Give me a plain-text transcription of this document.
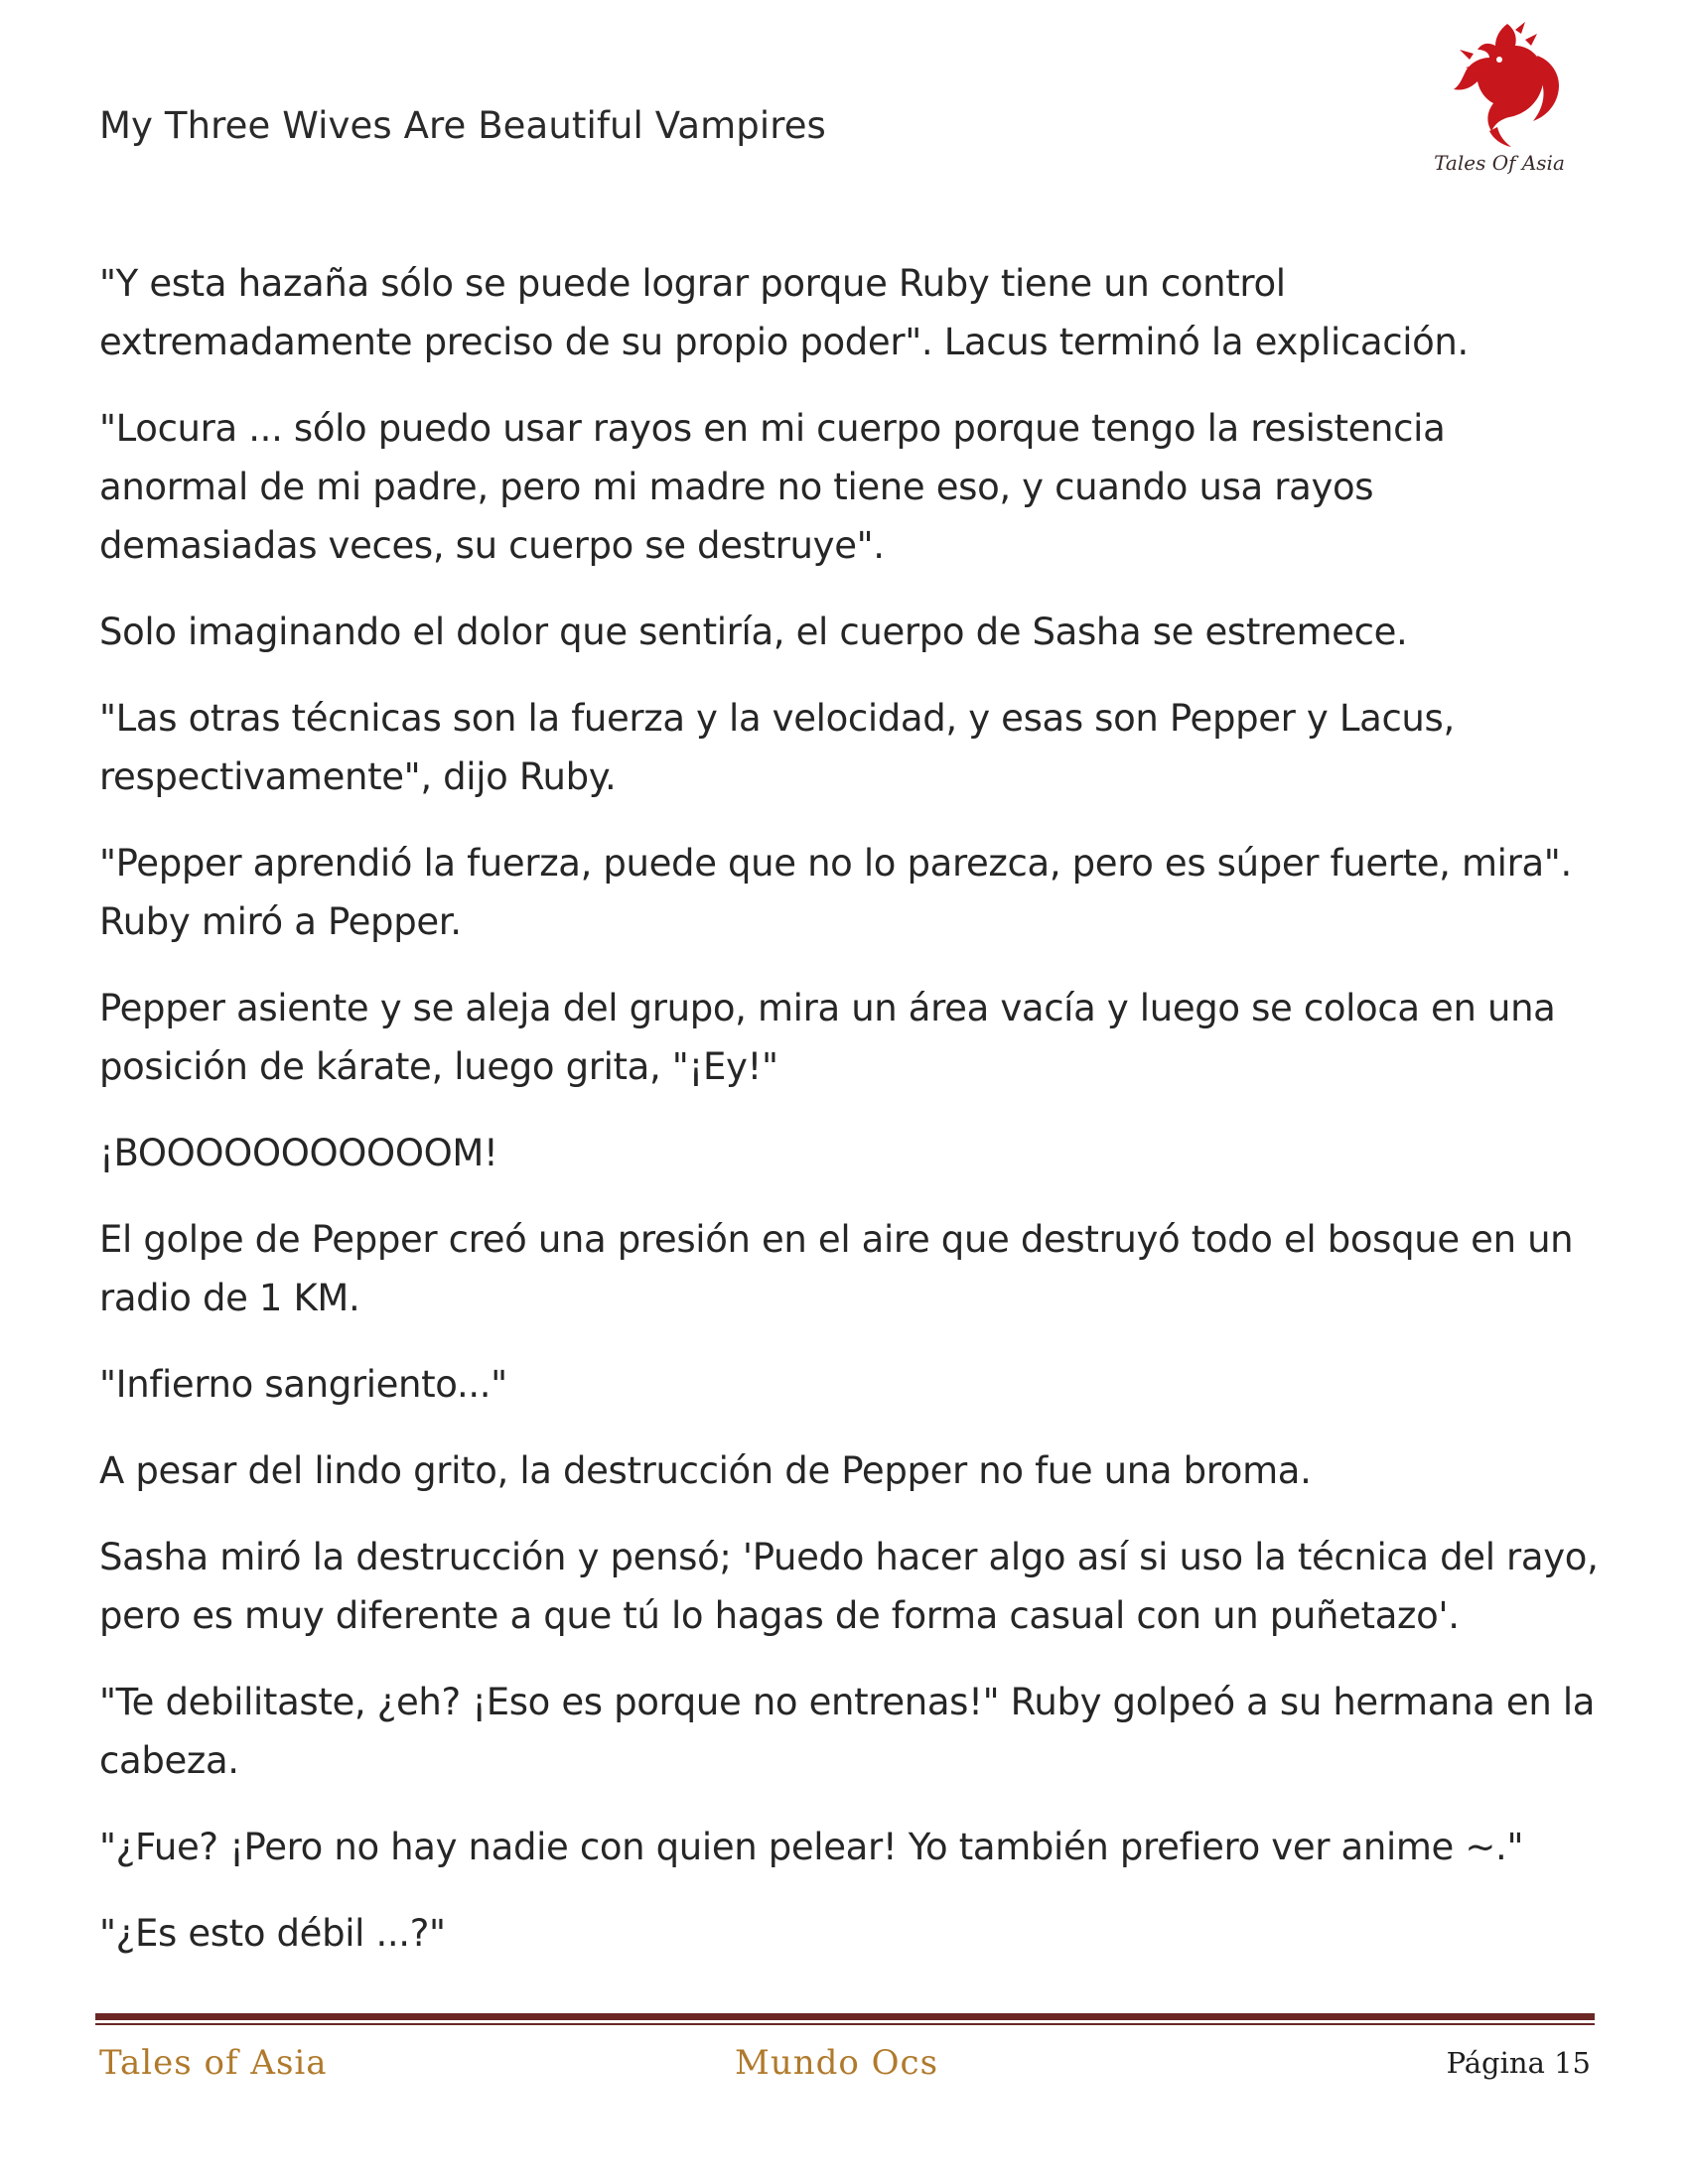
My Three Wives Are Beautiful Vampires
Tales Of Asia

"Y esta hazaña sólo se puede lograr porque Ruby tiene un control extremadamente preciso de su propio poder". Lacus terminó la explicación.

"Locura ... sólo puedo usar rayos en mi cuerpo porque tengo la resistencia anormal de mi padre, pero mi madre no tiene eso, y cuando usa rayos demasiadas veces, su cuerpo se destruye".

Solo imaginando el dolor que sentiría, el cuerpo de Sasha se estremece.

"Las otras técnicas son la fuerza y la velocidad, y esas son Pepper y Lacus, respectivamente", dijo Ruby.

"Pepper aprendió la fuerza, puede que no lo parezca, pero es súper fuerte, mira". Ruby miró a Pepper.

Pepper asiente y se aleja del grupo, mira un área vacía y luego se coloca en una posición de kárate, luego grita, "¡Ey!"

¡BOOOOOOOOOOOM!

El golpe de Pepper creó una presión en el aire que destruyó todo el bosque en un radio de 1 KM.

"Infierno sangriento..."

A pesar del lindo grito, la destrucción de Pepper no fue una broma.

Sasha miró la destrucción y pensó; 'Puedo hacer algo así si uso la técnica del rayo, pero es muy diferente a que tú lo hagas de forma casual con un puñetazo'.

"Te debilitaste, ¿eh? ¡Eso es porque no entrenas!" Ruby golpeó a su hermana en la cabeza.

"¿Fue? ¡Pero no hay nadie con quien pelear! Yo también prefiero ver anime ~."

"¿Es esto débil ...?"

Tales of Asia	Mundo Ocs	Página 15
